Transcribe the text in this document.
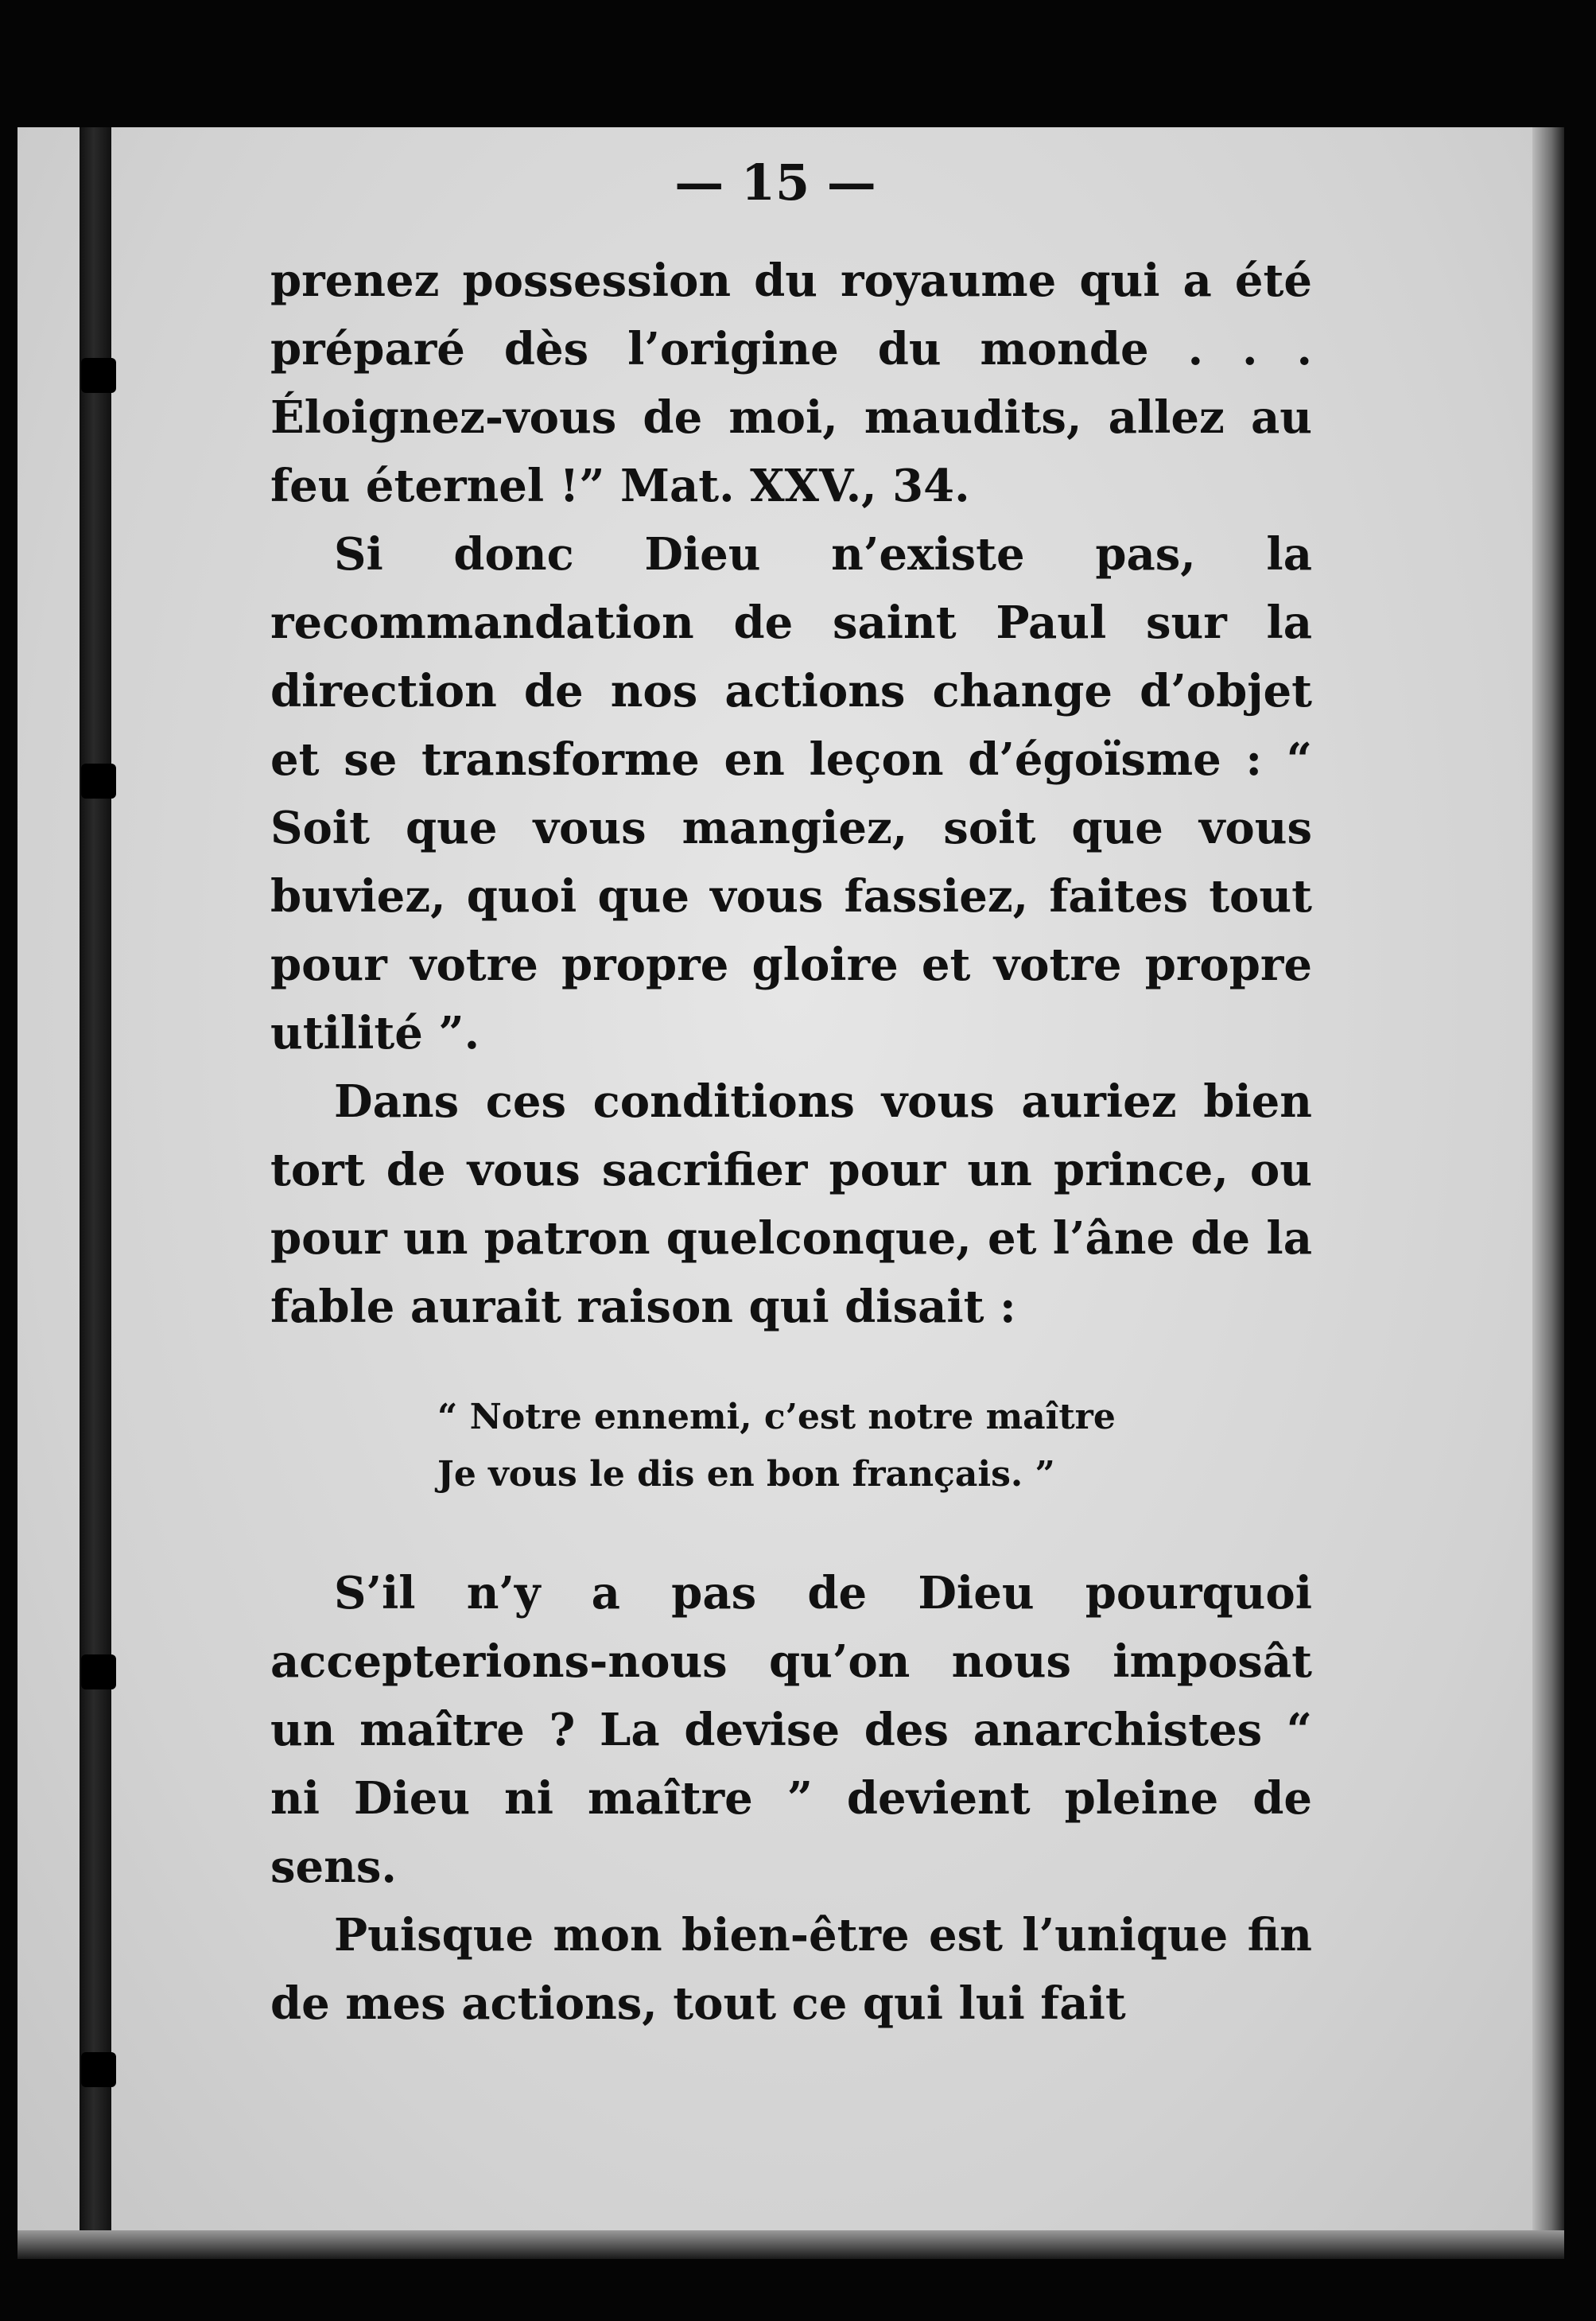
— 15 —

prenez possession du royaume qui a été préparé dès l’origine du monde . . . Éloignez-vous de moi, maudits, allez au feu éternel !” Mat. XXV., 34.

Si donc Dieu n’existe pas, la recommandation de saint Paul sur la direction de nos actions change d’objet et se transforme en leçon d’égoïsme : “ Soit que vous mangiez, soit que vous buviez, quoi que vous fassiez, faites tout pour votre propre gloire et votre propre utilité ”.

Dans ces conditions vous auriez bien tort de vous sacrifier pour un prince, ou pour un patron quelconque, et l’âne de la fable aurait raison qui disait :

“ Notre ennemi, c’est notre maître
Je vous le dis en bon français. ”

S’il n’y a pas de Dieu pourquoi accepterions-nous qu’on nous imposât un maître ? La devise des anarchistes “ ni Dieu ni maître ” devient pleine de sens.

Puisque mon bien-être est l’unique fin de mes actions, tout ce qui lui fait
